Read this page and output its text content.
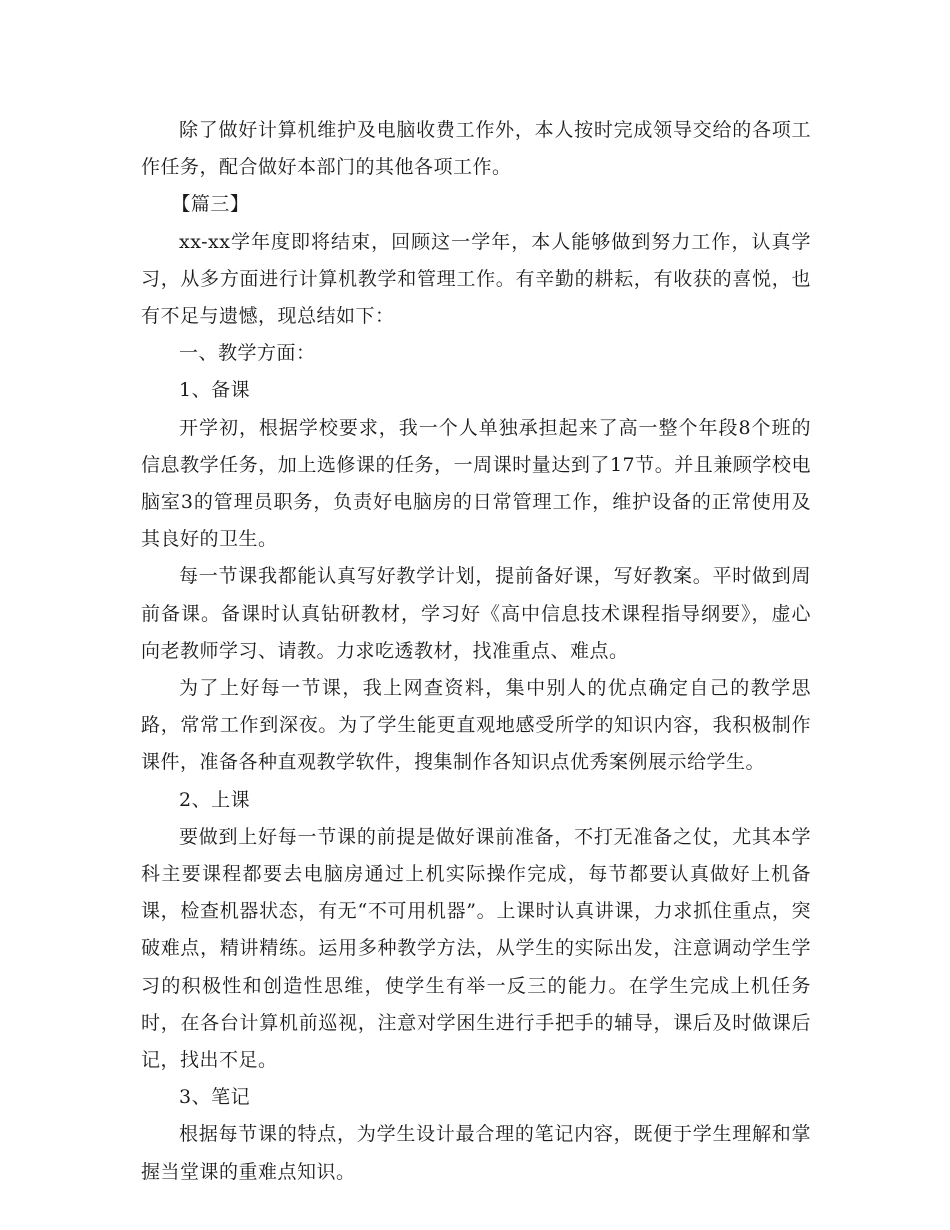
除了做好计算机维护及电脑收费工作外，本人按时完成领导交给的各项工作任务，配合做好本部门的其他各项工作。

【篇三】

xx-xx学年度即将结束，回顾这一学年，本人能够做到努力工作，认真学习，从多方面进行计算机教学和管理工作。有辛勤的耕耘，有收获的喜悦，也有不足与遗憾，现总结如下：

一、教学方面：

1、备课

开学初，根据学校要求，我一个人单独承担起来了高一整个年段8个班的信息教学任务，加上选修课的任务，一周课时量达到了17节。并且兼顾学校电脑室3的管理员职务，负责好电脑房的日常管理工作，维护设备的正常使用及其良好的卫生。

每一节课我都能认真写好教学计划，提前备好课，写好教案。平时做到周前备课。备课时认真钻研教材，学习好《高中信息技术课程指导纲要》，虚心向老教师学习、请教。力求吃透教材，找准重点、难点。

为了上好每一节课，我上网查资料，集中别人的优点确定自己的教学思路，常常工作到深夜。为了学生能更直观地感受所学的知识内容，我积极制作课件，准备各种直观教学软件，搜集制作各知识点优秀案例展示给学生。

2、上课

要做到上好每一节课的前提是做好课前准备，不打无准备之仗，尤其本学科主要课程都要去电脑房通过上机实际操作完成，每节都要认真做好上机备课，检查机器状态，有无“不可用机器”。上课时认真讲课，力求抓住重点，突破难点，精讲精练。运用多种教学方法，从学生的实际出发，注意调动学生学习的积极性和创造性思维，使学生有举一反三的能力。在学生完成上机任务时，在各台计算机前巡视，注意对学困生进行手把手的辅导，课后及时做课后记，找出不足。

3、笔记

根据每节课的特点，为学生设计最合理的笔记内容，既便于学生理解和掌握当堂课的重难点知识。
